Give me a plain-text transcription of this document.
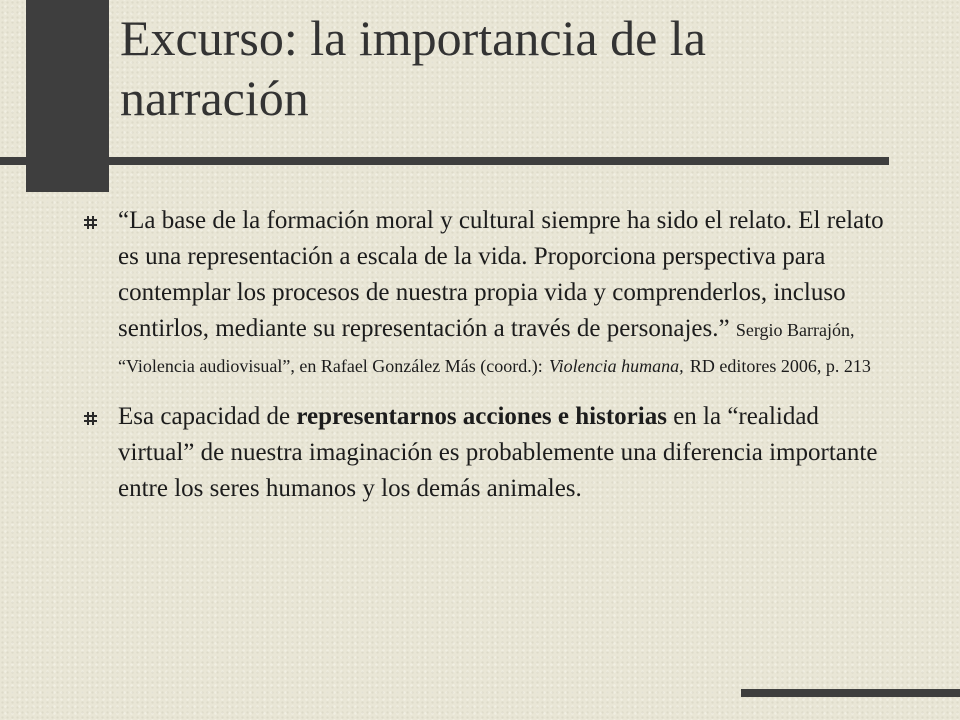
Excurso: la importancia de la narración

“La base de la formación moral y cultural siempre ha sido el relato. El relato es una representación a escala de la vida. Proporciona perspectiva para contemplar los procesos de nuestra propia vida y comprenderlos, incluso sentirlos, mediante su representación a través de personajes.” Sergio Barrajón, “Violencia audiovisual”, en Rafael González Más (coord.): Violencia humana, RD editores 2006, p. 213

Esa capacidad de representarnos acciones e historias en la “realidad virtual” de nuestra imaginación es probablemente una diferencia importante entre los seres humanos y los demás animales.
